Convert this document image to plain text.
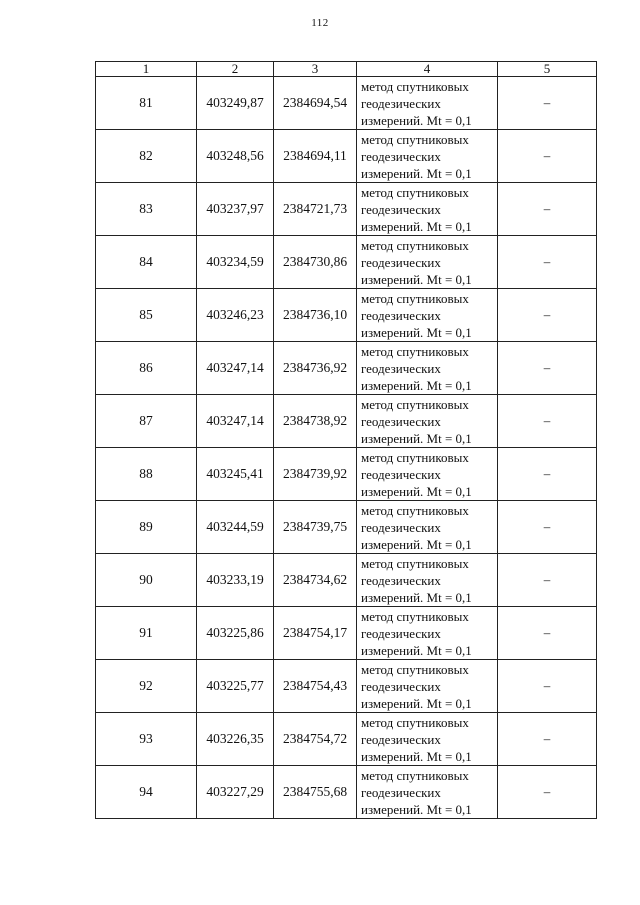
112
1	2	3	4	5
81	403249,87	2384694,54	метод спутниковых
геодезических
измерений. Mt = 0,1	–
82	403248,56	2384694,11	метод спутниковых
геодезических
измерений. Mt = 0,1	–
83	403237,97	2384721,73	метод спутниковых
геодезических
измерений. Mt = 0,1	–
84	403234,59	2384730,86	метод спутниковых
геодезических
измерений. Mt = 0,1	–
85	403246,23	2384736,10	метод спутниковых
геодезических
измерений. Mt = 0,1	–
86	403247,14	2384736,92	метод спутниковых
геодезических
измерений. Mt = 0,1	–
87	403247,14	2384738,92	метод спутниковых
геодезических
измерений. Mt = 0,1	–
88	403245,41	2384739,92	метод спутниковых
геодезических
измерений. Mt = 0,1	–
89	403244,59	2384739,75	метод спутниковых
геодезических
измерений. Mt = 0,1	–
90	403233,19	2384734,62	метод спутниковых
геодезических
измерений. Mt = 0,1	–
91	403225,86	2384754,17	метод спутниковых
геодезических
измерений. Mt = 0,1	–
92	403225,77	2384754,43	метод спутниковых
геодезических
измерений. Mt = 0,1	–
93	403226,35	2384754,72	метод спутниковых
геодезических
измерений. Mt = 0,1	–
94	403227,29	2384755,68	метод спутниковых
геодезических
измерений. Mt = 0,1	–
